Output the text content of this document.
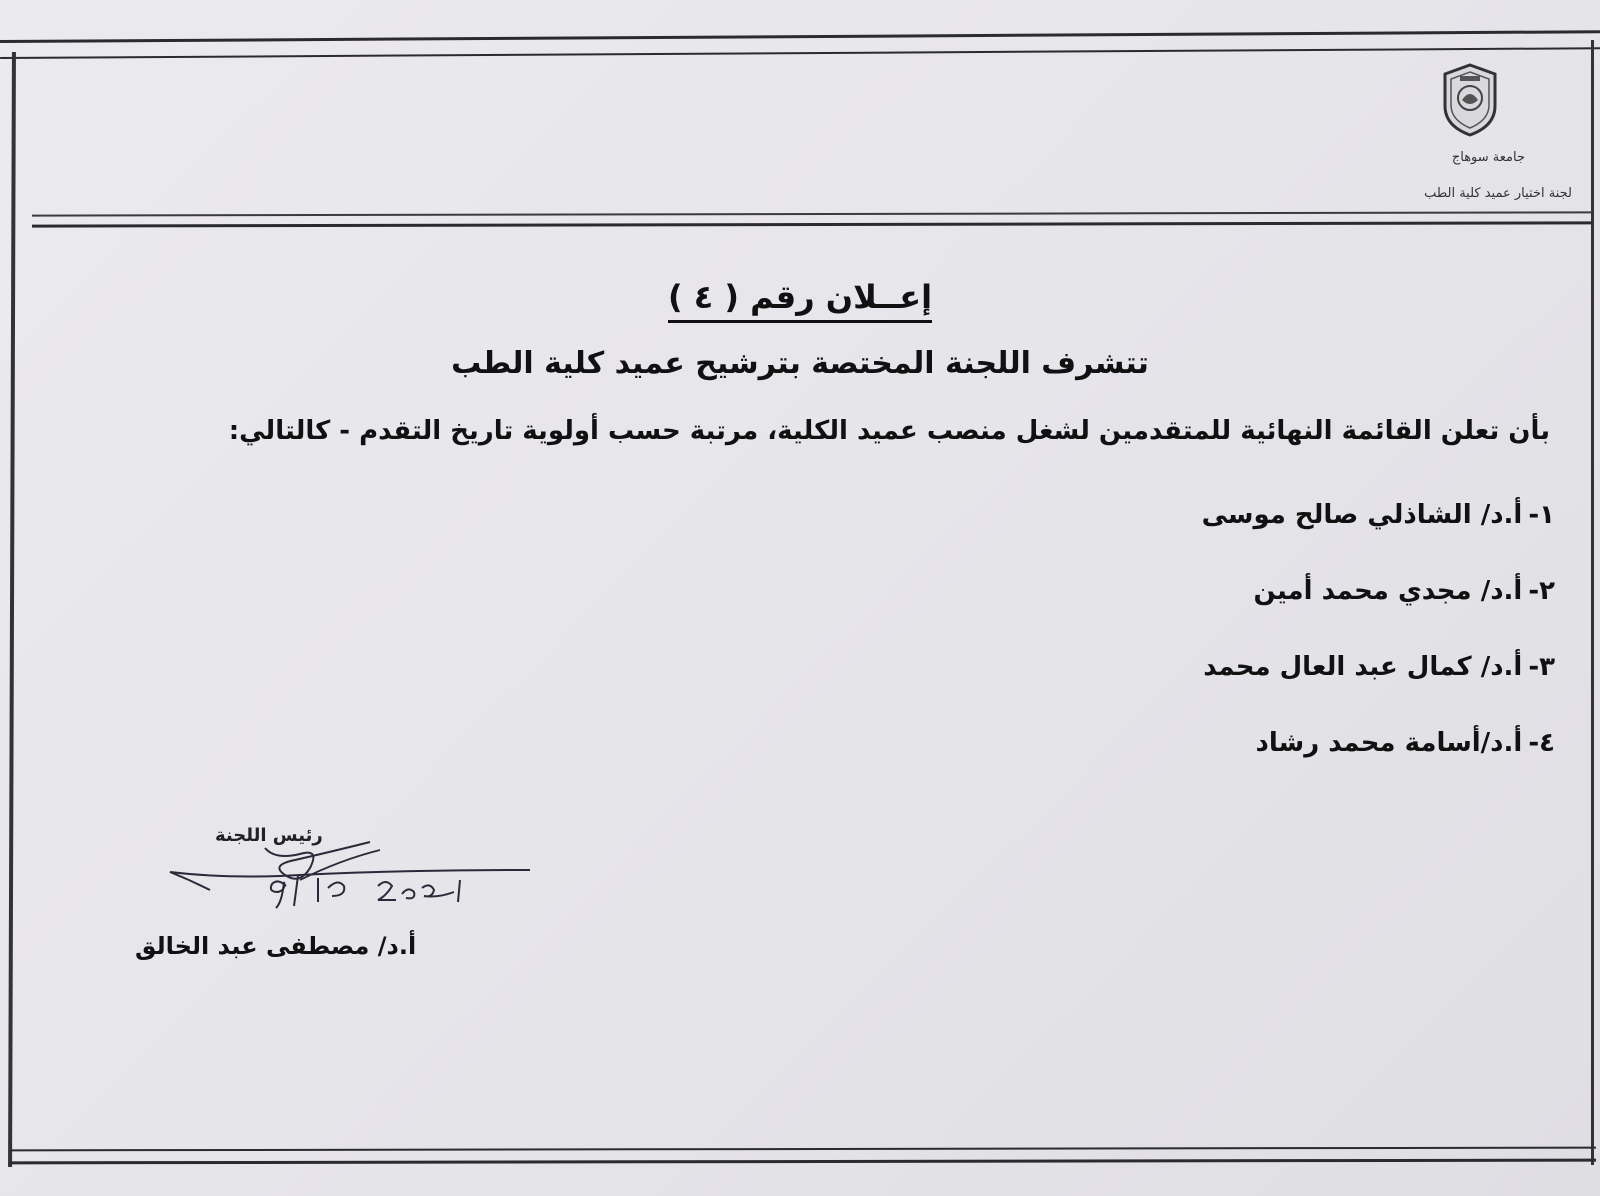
جامعة سوهاج
لجنة اختيار عميد كلية الطب
إعــلان رقم ( ٤ )
تتشرف اللجنة المختصة بترشيح عميد كلية الطب
بأن تعلن القائمة النهائية للمتقدمين لشغل منصب عميد الكلية، مرتبة حسب أولوية تاريخ التقدم - كالتالي:
١-أ.د/ الشاذلي صالح موسى
٢-أ.د/ مجدي محمد أمين
٣-أ.د/ كمال عبد العال محمد
٤-أ.د/أسامة محمد رشاد
رئيس اللجنة
أ.د/ مصطفى عبد الخالق
